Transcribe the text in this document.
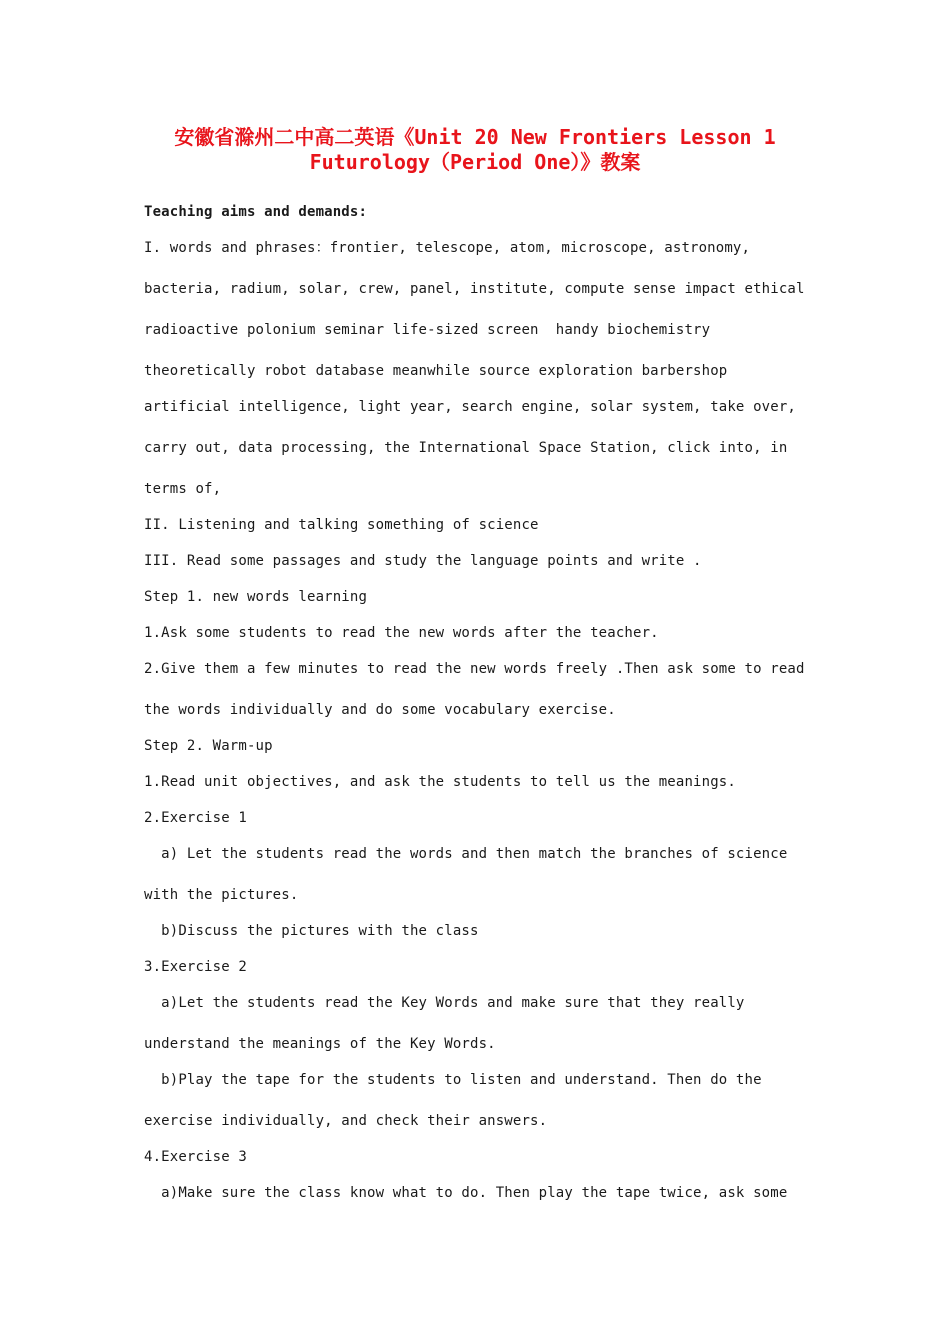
安徽省滁州二中高二英语《Unit 20 New Frontiers Lesson 1
Futurology（Period One）》教案
Teaching aims and demands:
I. words and phrases：frontier, telescope, atom, microscope, astronomy,
bacteria, radium, solar, crew, panel, institute, compute sense impact ethical
radioactive polonium seminar life-sized screen  handy biochemistry
theoretically robot database meanwhile source exploration barbershop
artificial intelligence, light year, search engine, solar system, take over,
carry out, data processing, the International Space Station, click into, in
terms of,
II. Listening and talking something of science
III. Read some passages and study the language points and write .
Step 1. new words learning
1.Ask some students to read the new words after the teacher.
2.Give them a few minutes to read the new words freely .Then ask some to read
the words individually and do some vocabulary exercise.
Step 2. Warm-up
1.Read unit objectives, and ask the students to tell us the meanings.
2.Exercise 1
a) Let the students read the words and then match the branches of science
with the pictures.
b)Discuss the pictures with the class
3.Exercise 2
a)Let the students read the Key Words and make sure that they really
understand the meanings of the Key Words.
b)Play the tape for the students to listen and understand. Then do the
exercise individually, and check their answers.
4.Exercise 3
a)Make sure the class know what to do. Then play the tape twice, ask some
